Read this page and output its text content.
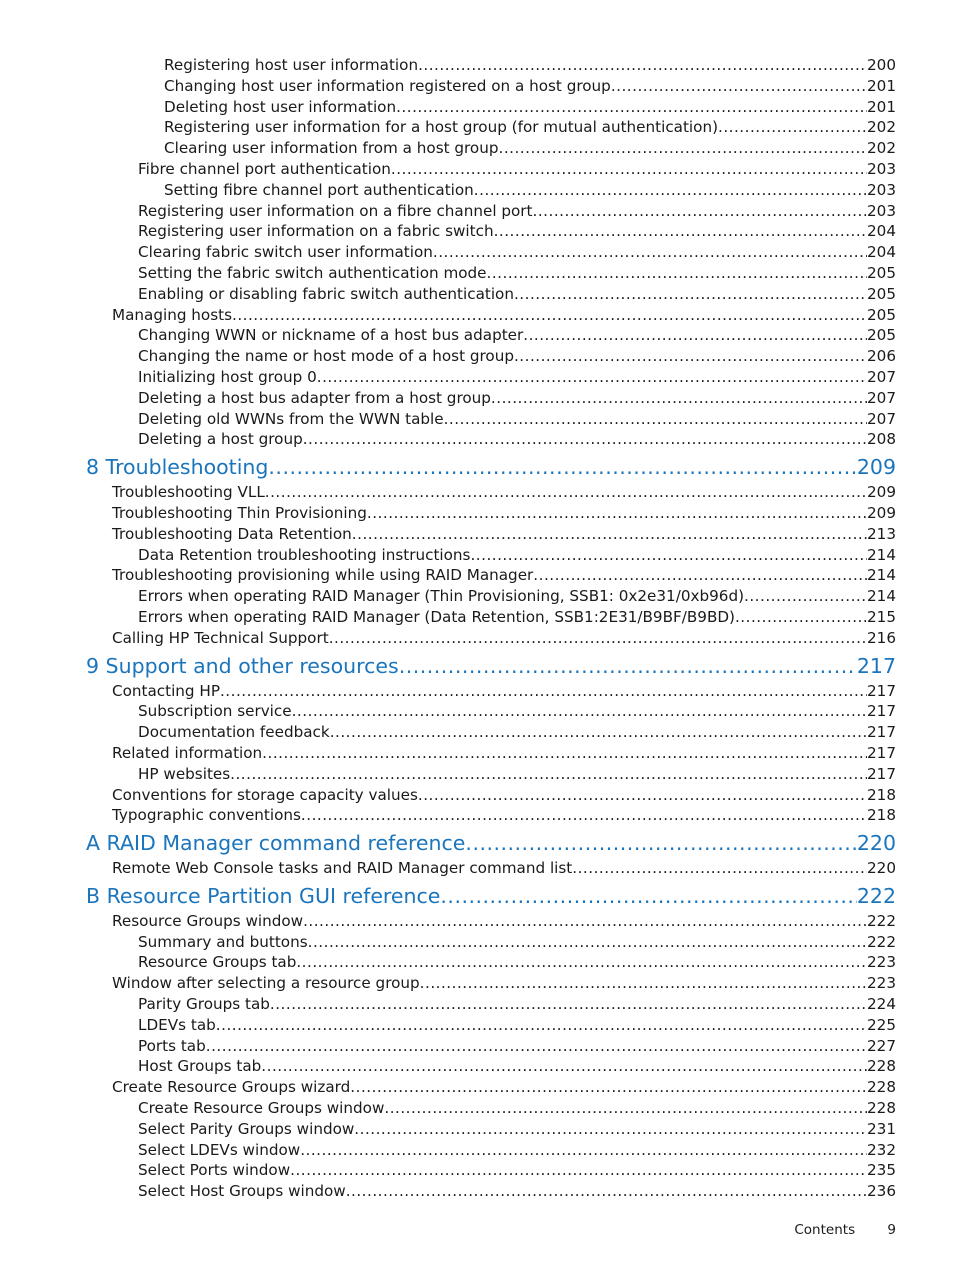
Registering host user information .....	200
Changing host user information registered on a host group .....	201
Deleting host user information .....	201
Registering user information for a host group (for mutual authentication) .....	202
Clearing user information from a host group .....	202
Fibre channel port authentication .....	203
Setting fibre channel port authentication .....	203
Registering user information on a fibre channel port .....	203
Registering user information on a fabric switch .....	204
Clearing fabric switch user information .....	204
Setting the fabric switch authentication mode .....	205
Enabling or disabling fabric switch authentication .....	205
Managing hosts .....	205
Changing WWN or nickname of a host bus adapter .....	205
Changing the name or host mode of a host group .....	206
Initializing host group 0 .....	207
Deleting a host bus adapter from a host group .....	207
Deleting old WWNs from the WWN table .....	207
Deleting a host group .....	208
8 Troubleshooting .....	209
Troubleshooting VLL .....	209
Troubleshooting Thin Provisioning .....	209
Troubleshooting Data Retention .....	213
Data Retention troubleshooting instructions .....	214
Troubleshooting provisioning while using RAID Manager .....	214
Errors when operating RAID Manager (Thin Provisioning, SSB1: 0x2e31/0xb96d) .....	214
Errors when operating RAID Manager (Data Retention, SSB1:2E31/B9BF/B9BD) .....	215
Calling HP Technical Support .....	216
9 Support and other resources .....	217
Contacting HP .....	217
Subscription service .....	217
Documentation feedback .....	217
Related information .....	217
HP websites .....	217
Conventions for storage capacity values .....	218
Typographic conventions .....	218
A RAID Manager command reference .....	220
Remote Web Console tasks and RAID Manager command list .....	220
B Resource Partition GUI reference .....	222
Resource Groups window .....	222
Summary and buttons .....	222
Resource Groups tab .....	223
Window after selecting a resource group .....	223
Parity Groups tab .....	224
LDEVs tab .....	225
Ports tab .....	227
Host Groups tab .....	228
Create Resource Groups wizard .....	228
Create Resource Groups window .....	228
Select Parity Groups window .....	231
Select LDEVs window .....	232
Select Ports window .....	235
Select Host Groups window .....	236
Contents 9
